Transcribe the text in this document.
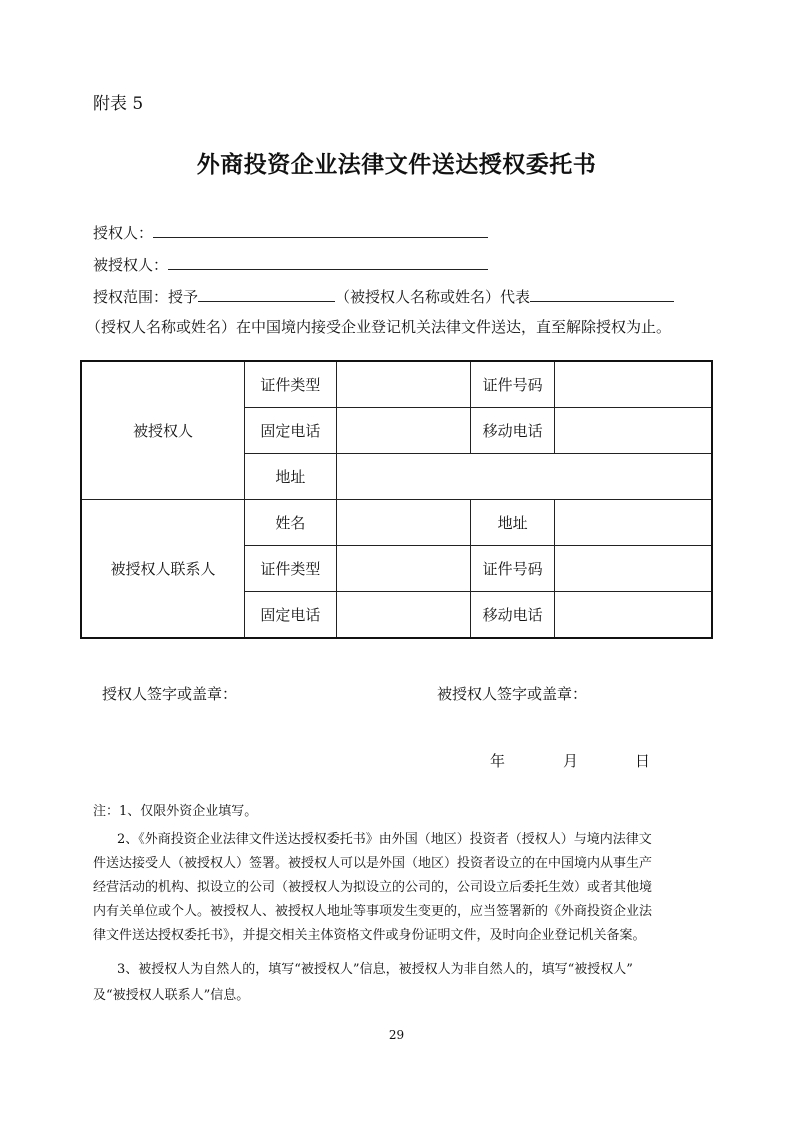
附表 5
外商投资企业法律文件送达授权委托书
授权人：
被授权人：
授权范围：授予	（被授权人名称或姓名）代表
（授权人名称或姓名）在中国境内接受企业登记机关法律文件送达，直至解除授权为止。
被授权人	证件类型		证件号码	
	固定电话		移动电话	
	地址			
被授权人联系人	姓名		地址	
	证件类型		证件号码	
	固定电话		移动电话	
授权人签字或盖章：	被授权人签字或盖章：
年	月	日
注：1、仅限外资企业填写。
2、《外商投资企业法律文件送达授权委托书》由外国（地区）投资者（授权人）与境内法律文
件送达接受人（被授权人）签署。被授权人可以是外国（地区）投资者设立的在中国境内从事生产
经营活动的机构、拟设立的公司（被授权人为拟设立的公司的，公司设立后委托生效）或者其他境
内有关单位或个人。被授权人、被授权人地址等事项发生变更的，应当签署新的《外商投资企业法
律文件送达授权委托书》，并提交相关主体资格文件或身份证明文件，及时向企业登记机关备案。
3、被授权人为自然人的，填写“被授权人”信息，被授权人为非自然人的，填写“被授权人”
及“被授权人联系人”信息。
29
